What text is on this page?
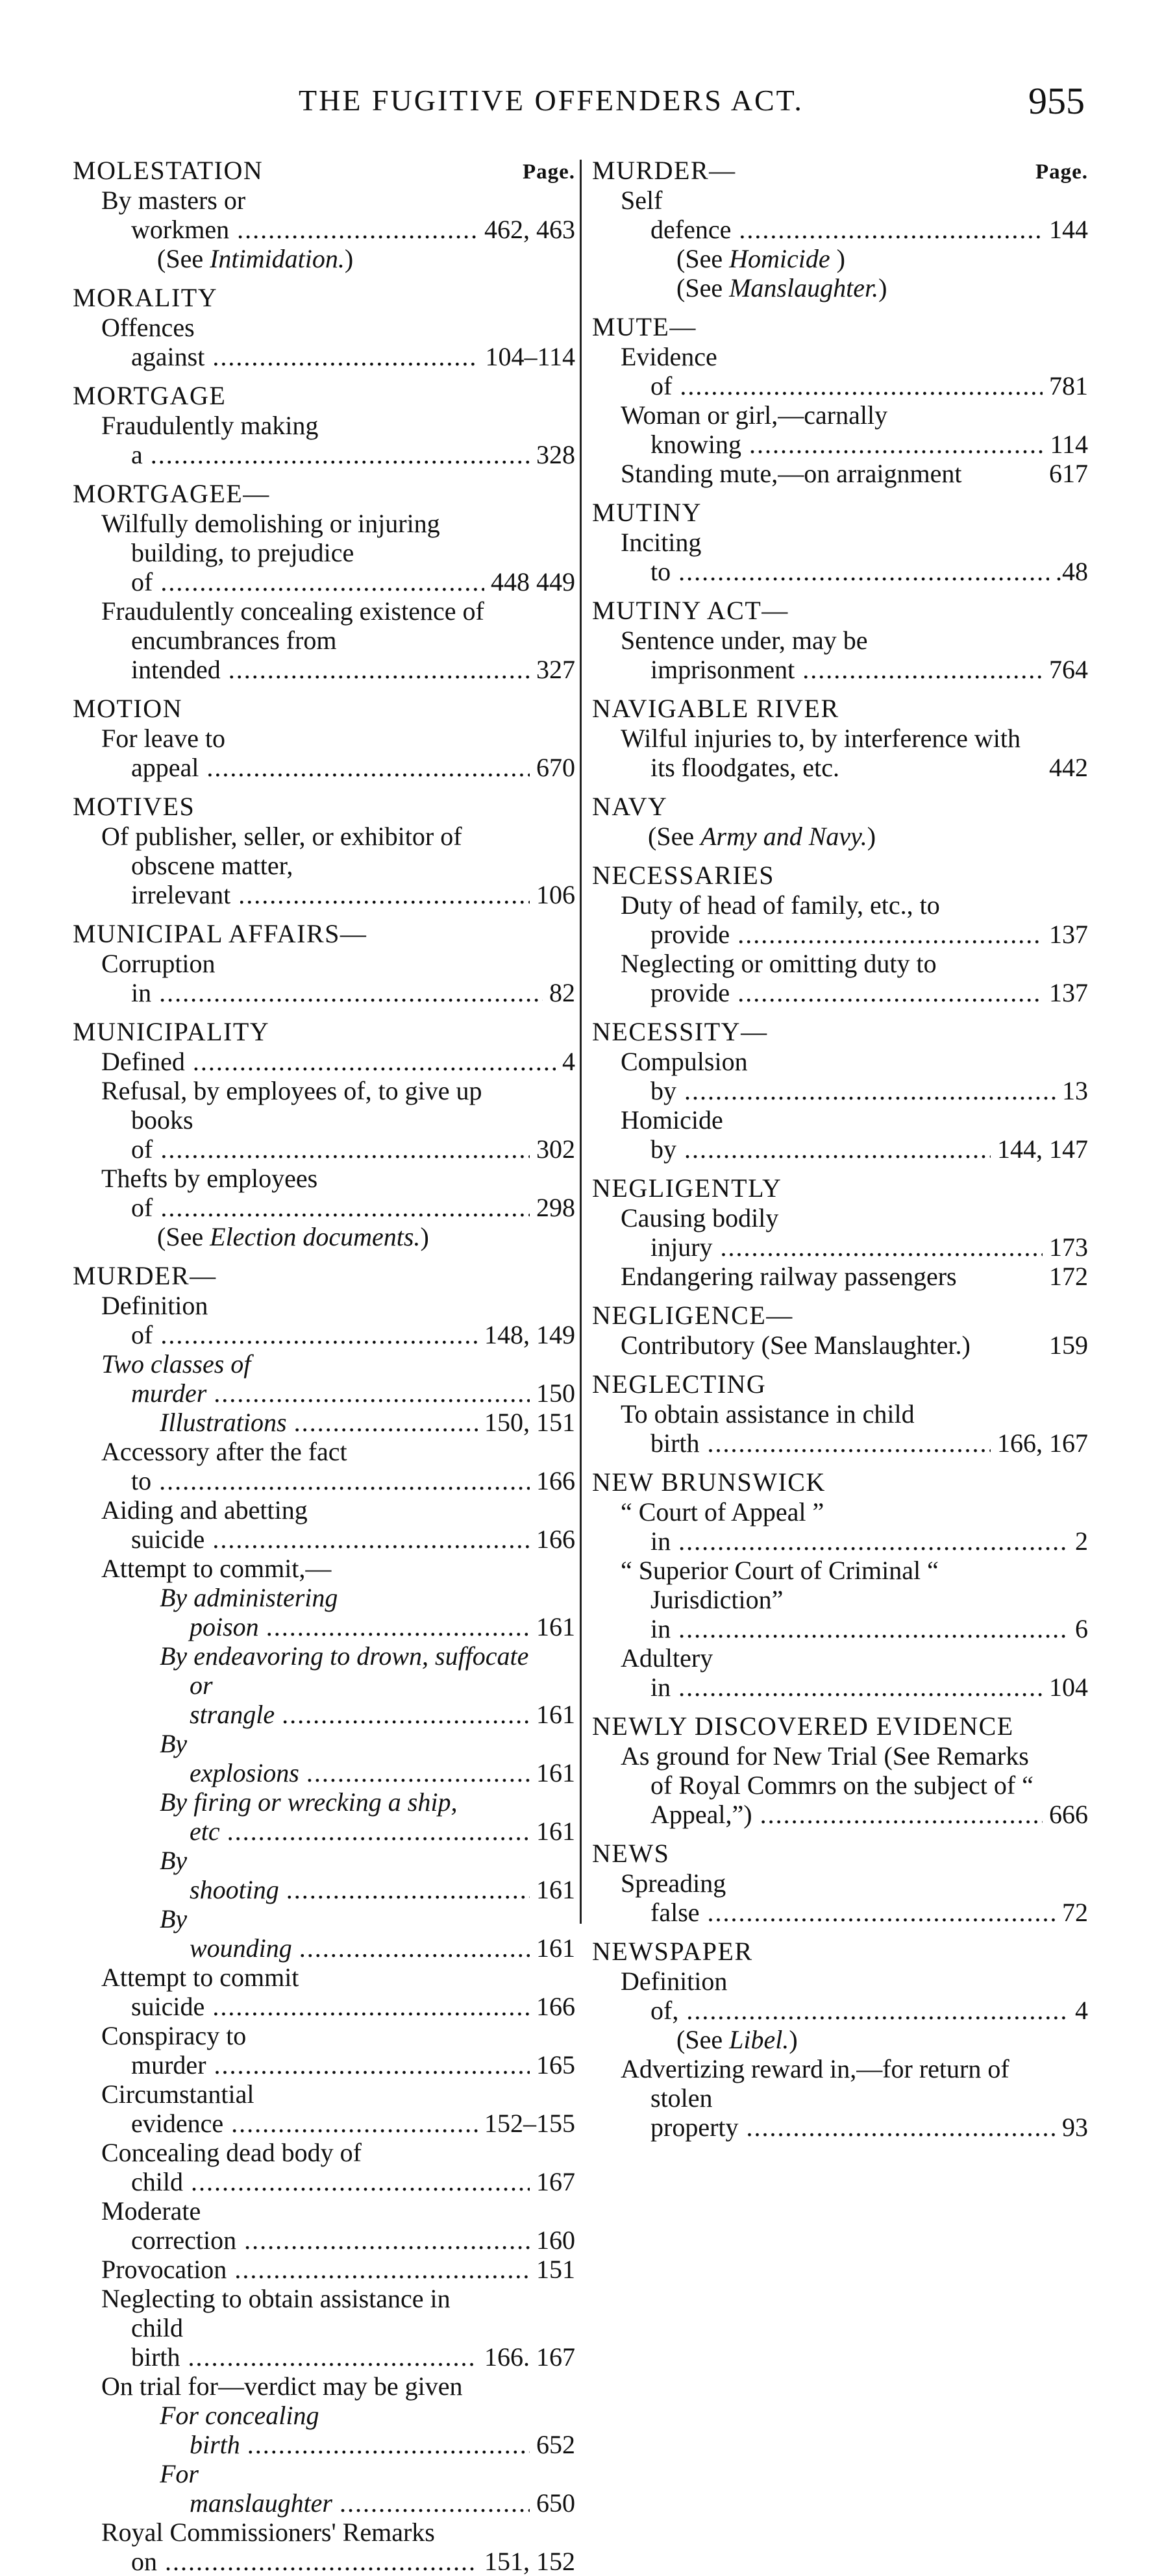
THE FUGITIVE OFFENDERS ACT.	955
MOLESTATION	Page.
By masters or workmen .....	462, 463
(See Intimidation.)
MORALITY
Offences against .....	104–114
MORTGAGE
Fraudulently making a .....	328
MORTGAGEE—
Wilfully demolishing or injuring building, to prejudice of .....	448 449
Fraudulently concealing existence of encumbrances from intended .....	327
MOTION
For leave to appeal .....	670
MOTIVES
Of publisher, seller, or exhibitor of obscene matter, irrelevant .....	106
MUNICIPAL AFFAIRS—
Corruption in .....	82
MUNICIPALITY
Defined .....	4
Refusal, by employees of, to give up books of .....	302
Thefts by employees of .....	298
(See Election documents.)
MURDER—
Definition of .....	148, 149
Two classes of murder .....	150
Illustrations .....	150, 151
Accessory after the fact to .....	166
Aiding and abetting suicide .....	166
Attempt to commit,—
By administering poison .....	161
By endeavoring to drown, suffocate or strangle .....	161
By explosions .....	161
By firing or wrecking a ship, etc .....	161
By shooting .....	161
By wounding .....	161
Attempt to commit suicide .....	166
Conspiracy to murder .....	165
Circumstantial evidence .....	152–155
Concealing dead body of child .....	167
Moderate correction .....	160
Provocation .....	151
Neglecting to obtain assistance in child birth .....	166. 167
On trial for—verdict may be given
For concealing birth .....	652
For manslaughter .....	650
Royal Commissioners' Remarks on .....	151, 152
MURDER—	Page.
Self defence .....	144
(See Homicide )
(See Manslaughter.)
MUTE—
Evidence of .....	781
Woman or girl,—carnally knowing .....	114
Standing mute,—on arraignment	617
MUTINY
Inciting to .....	.48
MUTINY ACT—
Sentence under, may be imprisonment .....	764
NAVIGABLE RIVER
Wilful injuries to, by interference with its floodgates, etc.	442
NAVY
(See Army and Navy.)
NECESSARIES
Duty of head of family, etc., to provide .....	137
Neglecting or omitting duty to provide .....	137
NECESSITY—
Compulsion by .....	13
Homicide by .....	144, 147
NEGLIGENTLY
Causing bodily injury .....	173
Endangering railway passengers	172
NEGLIGENCE—
Contributory (See Manslaughter.)	159
NEGLECTING
To obtain assistance in child birth .....	166, 167
NEW BRUNSWICK
“ Court of Appeal ” in .....	2
“ Superior Court of Criminal “ Jurisdiction” in .....	6
Adultery in .....	104
NEWLY DISCOVERED EVIDENCE
As ground for New Trial (See Remarks of Royal Commrs on the subject of “ Appeal,”) .....	666
NEWS
Spreading false .....	72
NEWSPAPER
Definition of, .....	4
(See Libel.)
Advertizing reward in,—for return of stolen property .....	93
